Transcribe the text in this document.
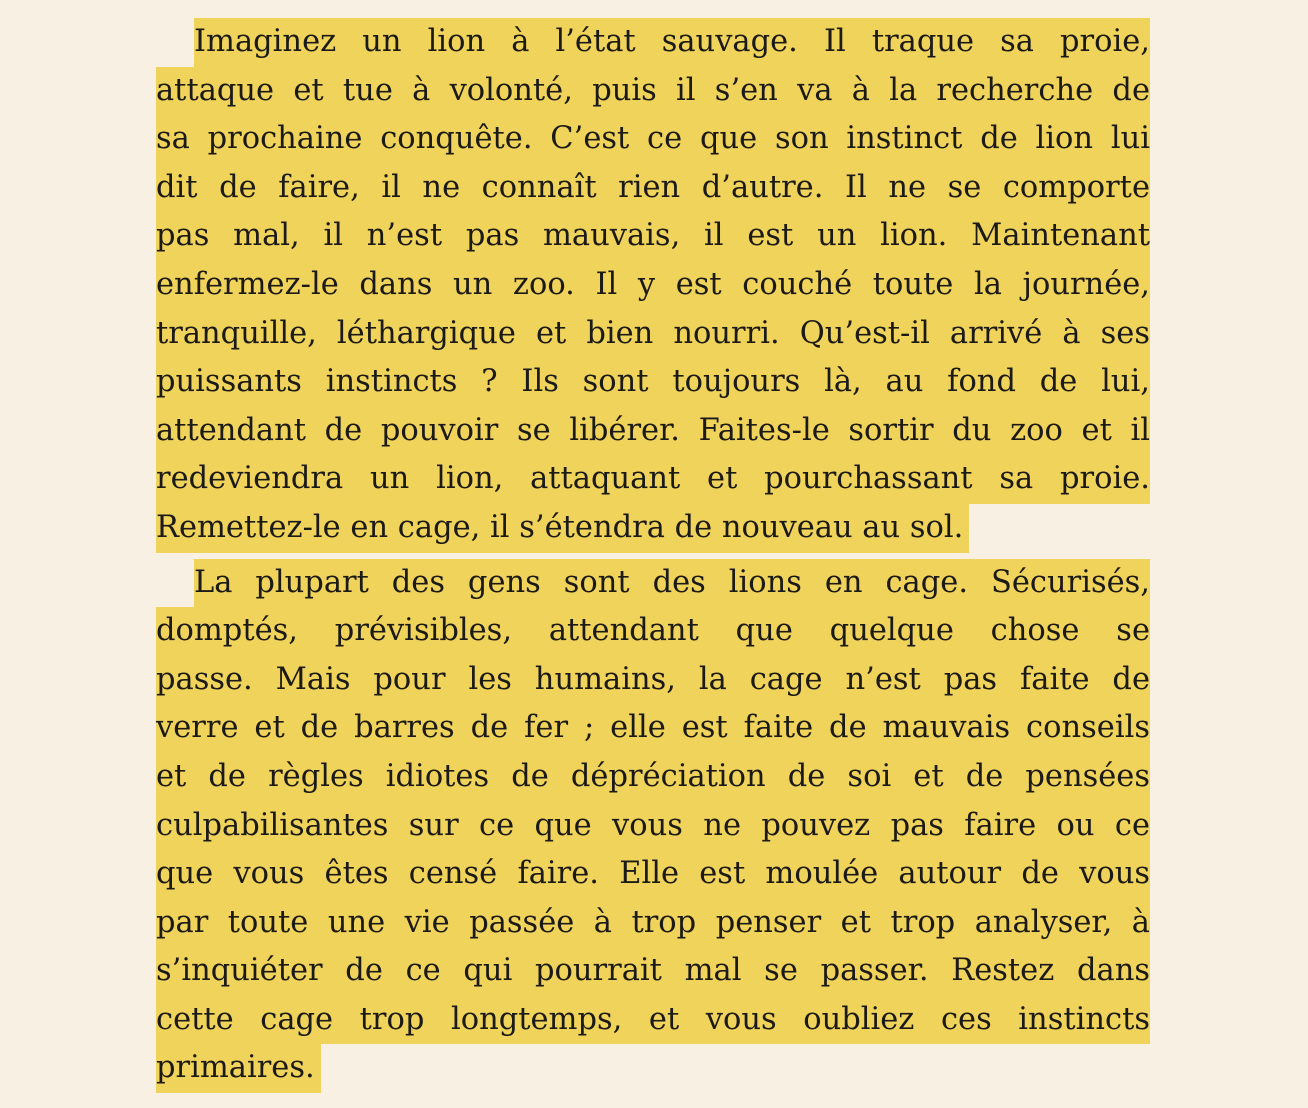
Imaginez un lion à l’état sauvage. Il traque sa proie,
attaque et tue à volonté, puis il s’en va à la recherche de
sa prochaine conquête. C’est ce que son instinct de lion lui
dit de faire, il ne connaît rien d’autre. Il ne se comporte
pas mal, il n’est pas mauvais, il est un lion. Maintenant
enfermez-le dans un zoo. Il y est couché toute la journée,
tranquille, léthargique et bien nourri. Qu’est-il arrivé à ses
puissants instincts ? Ils sont toujours là, au fond de lui,
attendant de pouvoir se libérer. Faites-le sortir du zoo et il
redeviendra un lion, attaquant et pourchassant sa proie.
Remettez-le en cage, il s’étendra de nouveau au sol.

La plupart des gens sont des lions en cage. Sécurisés,
domptés, prévisibles, attendant que quelque chose se
passe. Mais pour les humains, la cage n’est pas faite de
verre et de barres de fer ; elle est faite de mauvais conseils
et de règles idiotes de dépréciation de soi et de pensées
culpabilisantes sur ce que vous ne pouvez pas faire ou ce
que vous êtes censé faire. Elle est moulée autour de vous
par toute une vie passée à trop penser et trop analyser, à
s’inquiéter de ce qui pourrait mal se passer. Restez dans
cette cage trop longtemps, et vous oubliez ces instincts
primaires.
